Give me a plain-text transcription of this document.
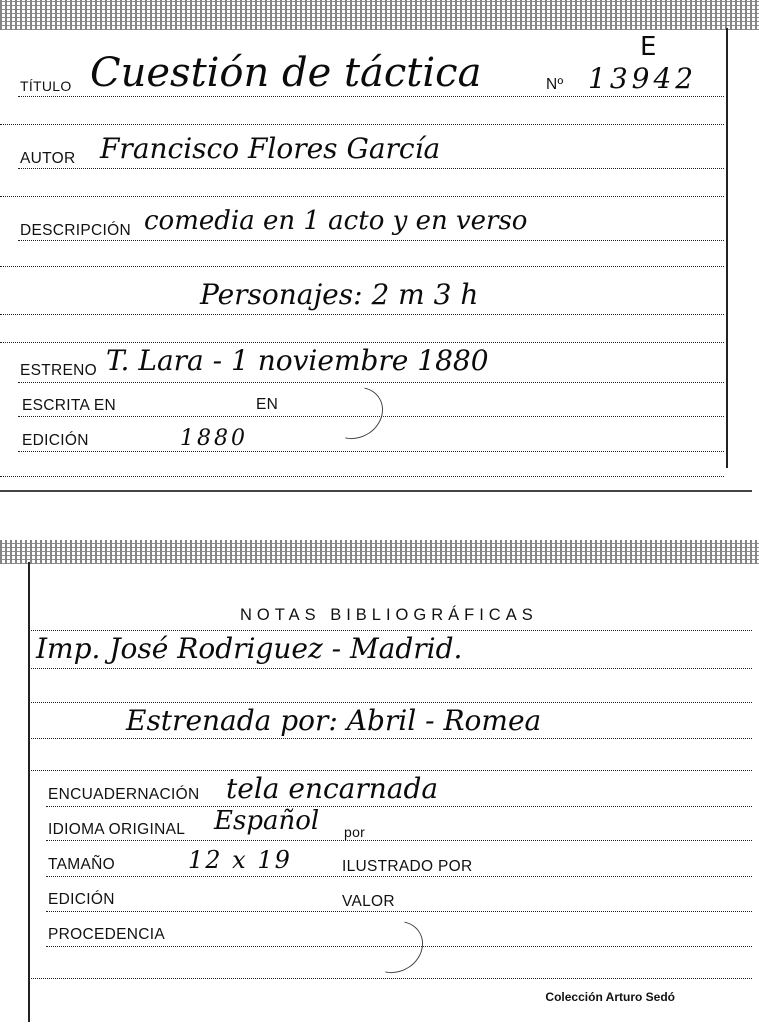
E
TÍTULO Cuestión de táctica	Nº 13942
AUTOR Francisco Flores García
DESCRIPCIÓN comedia en 1 acto y en verso
Personajes: 2 m 3 h
ESTRENO T. Lara - 1 noviembre 1880
ESCRITA EN	EN
EDICIÓN	1880
NOTAS BIBLIOGRÁFICAS
Imp. José Rodriguez - Madrid.
Estrenada por: Abril - Romea
ENCUADERNACIÓN tela encarnada
IDIOMA ORIGINAL Español por
TAMAÑO	12 x 19	ILUSTRADO POR
EDICIÓN	VALOR
PROCEDENCIA
Colección Arturo Sedó
